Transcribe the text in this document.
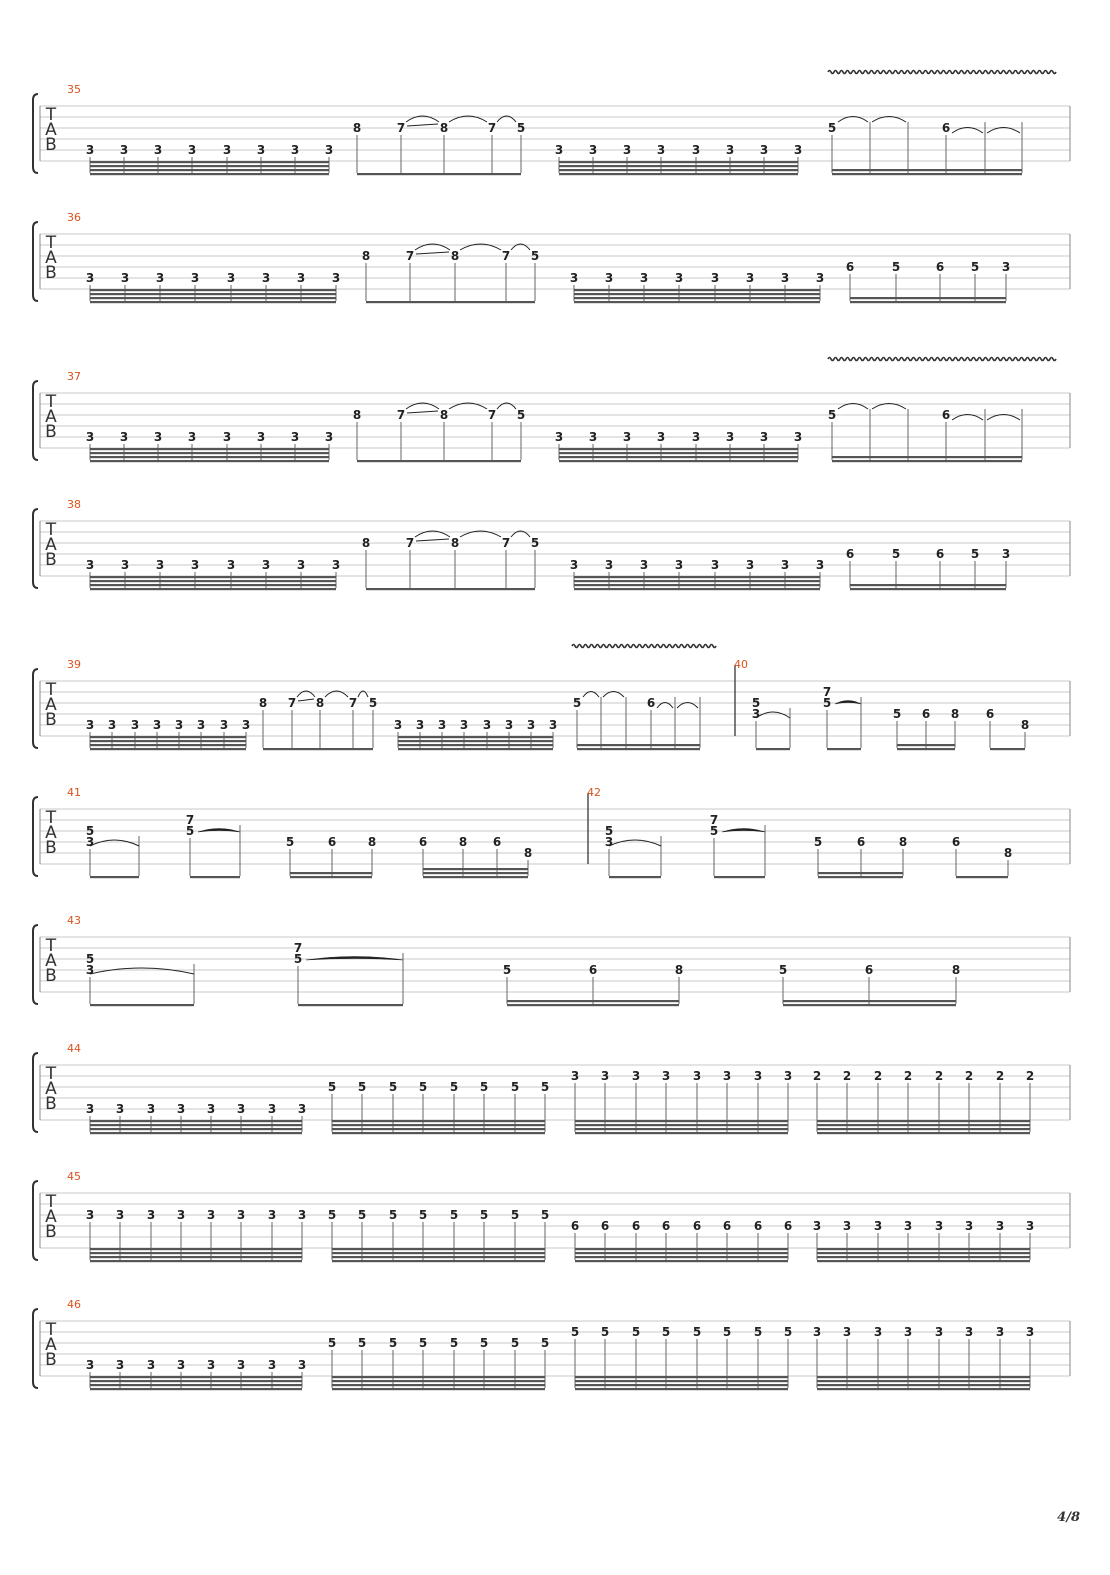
T
A
B
35
3 3 3 3 3 3 3 3
8	7	8	7 5
3 3 3 3 3 3 3 3
5	6
T
A
B
36
3 3 3 3 3 3 3 3
8	7	8	7 5
3 3 3 3 3 3 3 3
6	5	6 5 3
T
A
B
37
3 3 3 3 3 3 3 3
8	7	8	7 5
3 3 3 3 3 3 3 3
5	6
T
A
B
38
3 3 3 3 3 3 3 3
8	7	8	7 5
3 3 3 3 3 3 3 3
6	5	6 5 3
T
A
B
39	40
3 3 3 3 3 3 3 3
8 7 8 7 5
3 3 3 3 3 3 3 3
5	6	5
3
7
5
5 6 8 6
8
T
A
B
41	42
5
3
7
5
5	6	8	6	8 6
8
5
3
7
5
5	6	8	6
8
T
A
B
43
5
3
7
5
5	6	8	5	6	8
T
A
B
44
3 3 3 3 3 3 3 3
5 5 5 5 5 5 5 5
3 3 3 3 3 3 3 3 2 2 2 2 2 2 2 2
T
A
B
45
3 3 3 3 3 3 3 3 5 5 5 5 5 5 5 5
6 6 6 6 6 6 6 6 3 3 3 3 3 3 3 3
T
A
B
46
3 3 3 3 3 3 3 3
5 5 5 5 5 5 5 5
5 5 5 5 5 5 5 5 3 3 3 3 3 3 3 3
4/8
